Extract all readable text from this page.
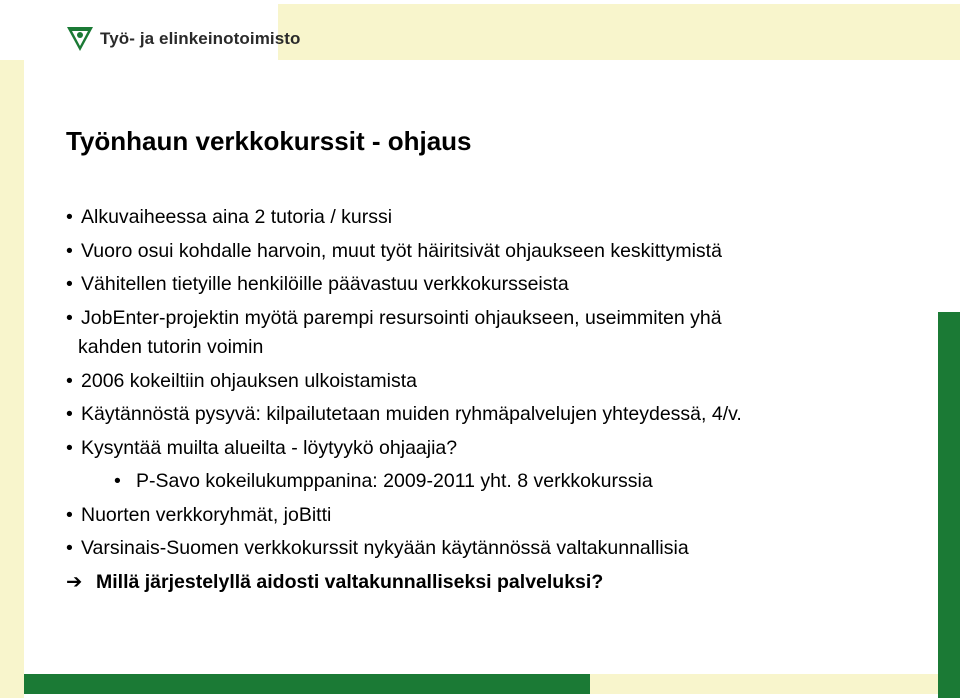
Työ- ja elinkeinotoimisto
Työnhaun verkkokurssit - ohjaus
• Alkuvaiheessa aina 2 tutoria / kurssi
• Vuoro osui kohdalle harvoin, muut työt häiritsivät ohjaukseen keskittymistä
• Vähitellen tietyille henkilöille päävastuu verkkokursseista
• JobEnter-projektin myötä parempi resursointi ohjaukseen, useimmiten yhä
kahden tutorin voimin
• 2006 kokeiltiin ohjauksen ulkoistamista
• Käytännöstä pysyvä: kilpailutetaan muiden ryhmäpalvelujen yhteydessä, 4/v.
• Kysyntää muilta alueilta - löytyykö ohjaajia?
• P-Savo kokeilukumppanina: 2009-2011 yht. 8 verkkokurssia
• Nuorten verkkoryhmät, joBitti
• Varsinais-Suomen verkkokurssit nykyään käytännössä valtakunnallisia
➔ Millä järjestelyllä aidosti valtakunnalliseksi palveluksi?
